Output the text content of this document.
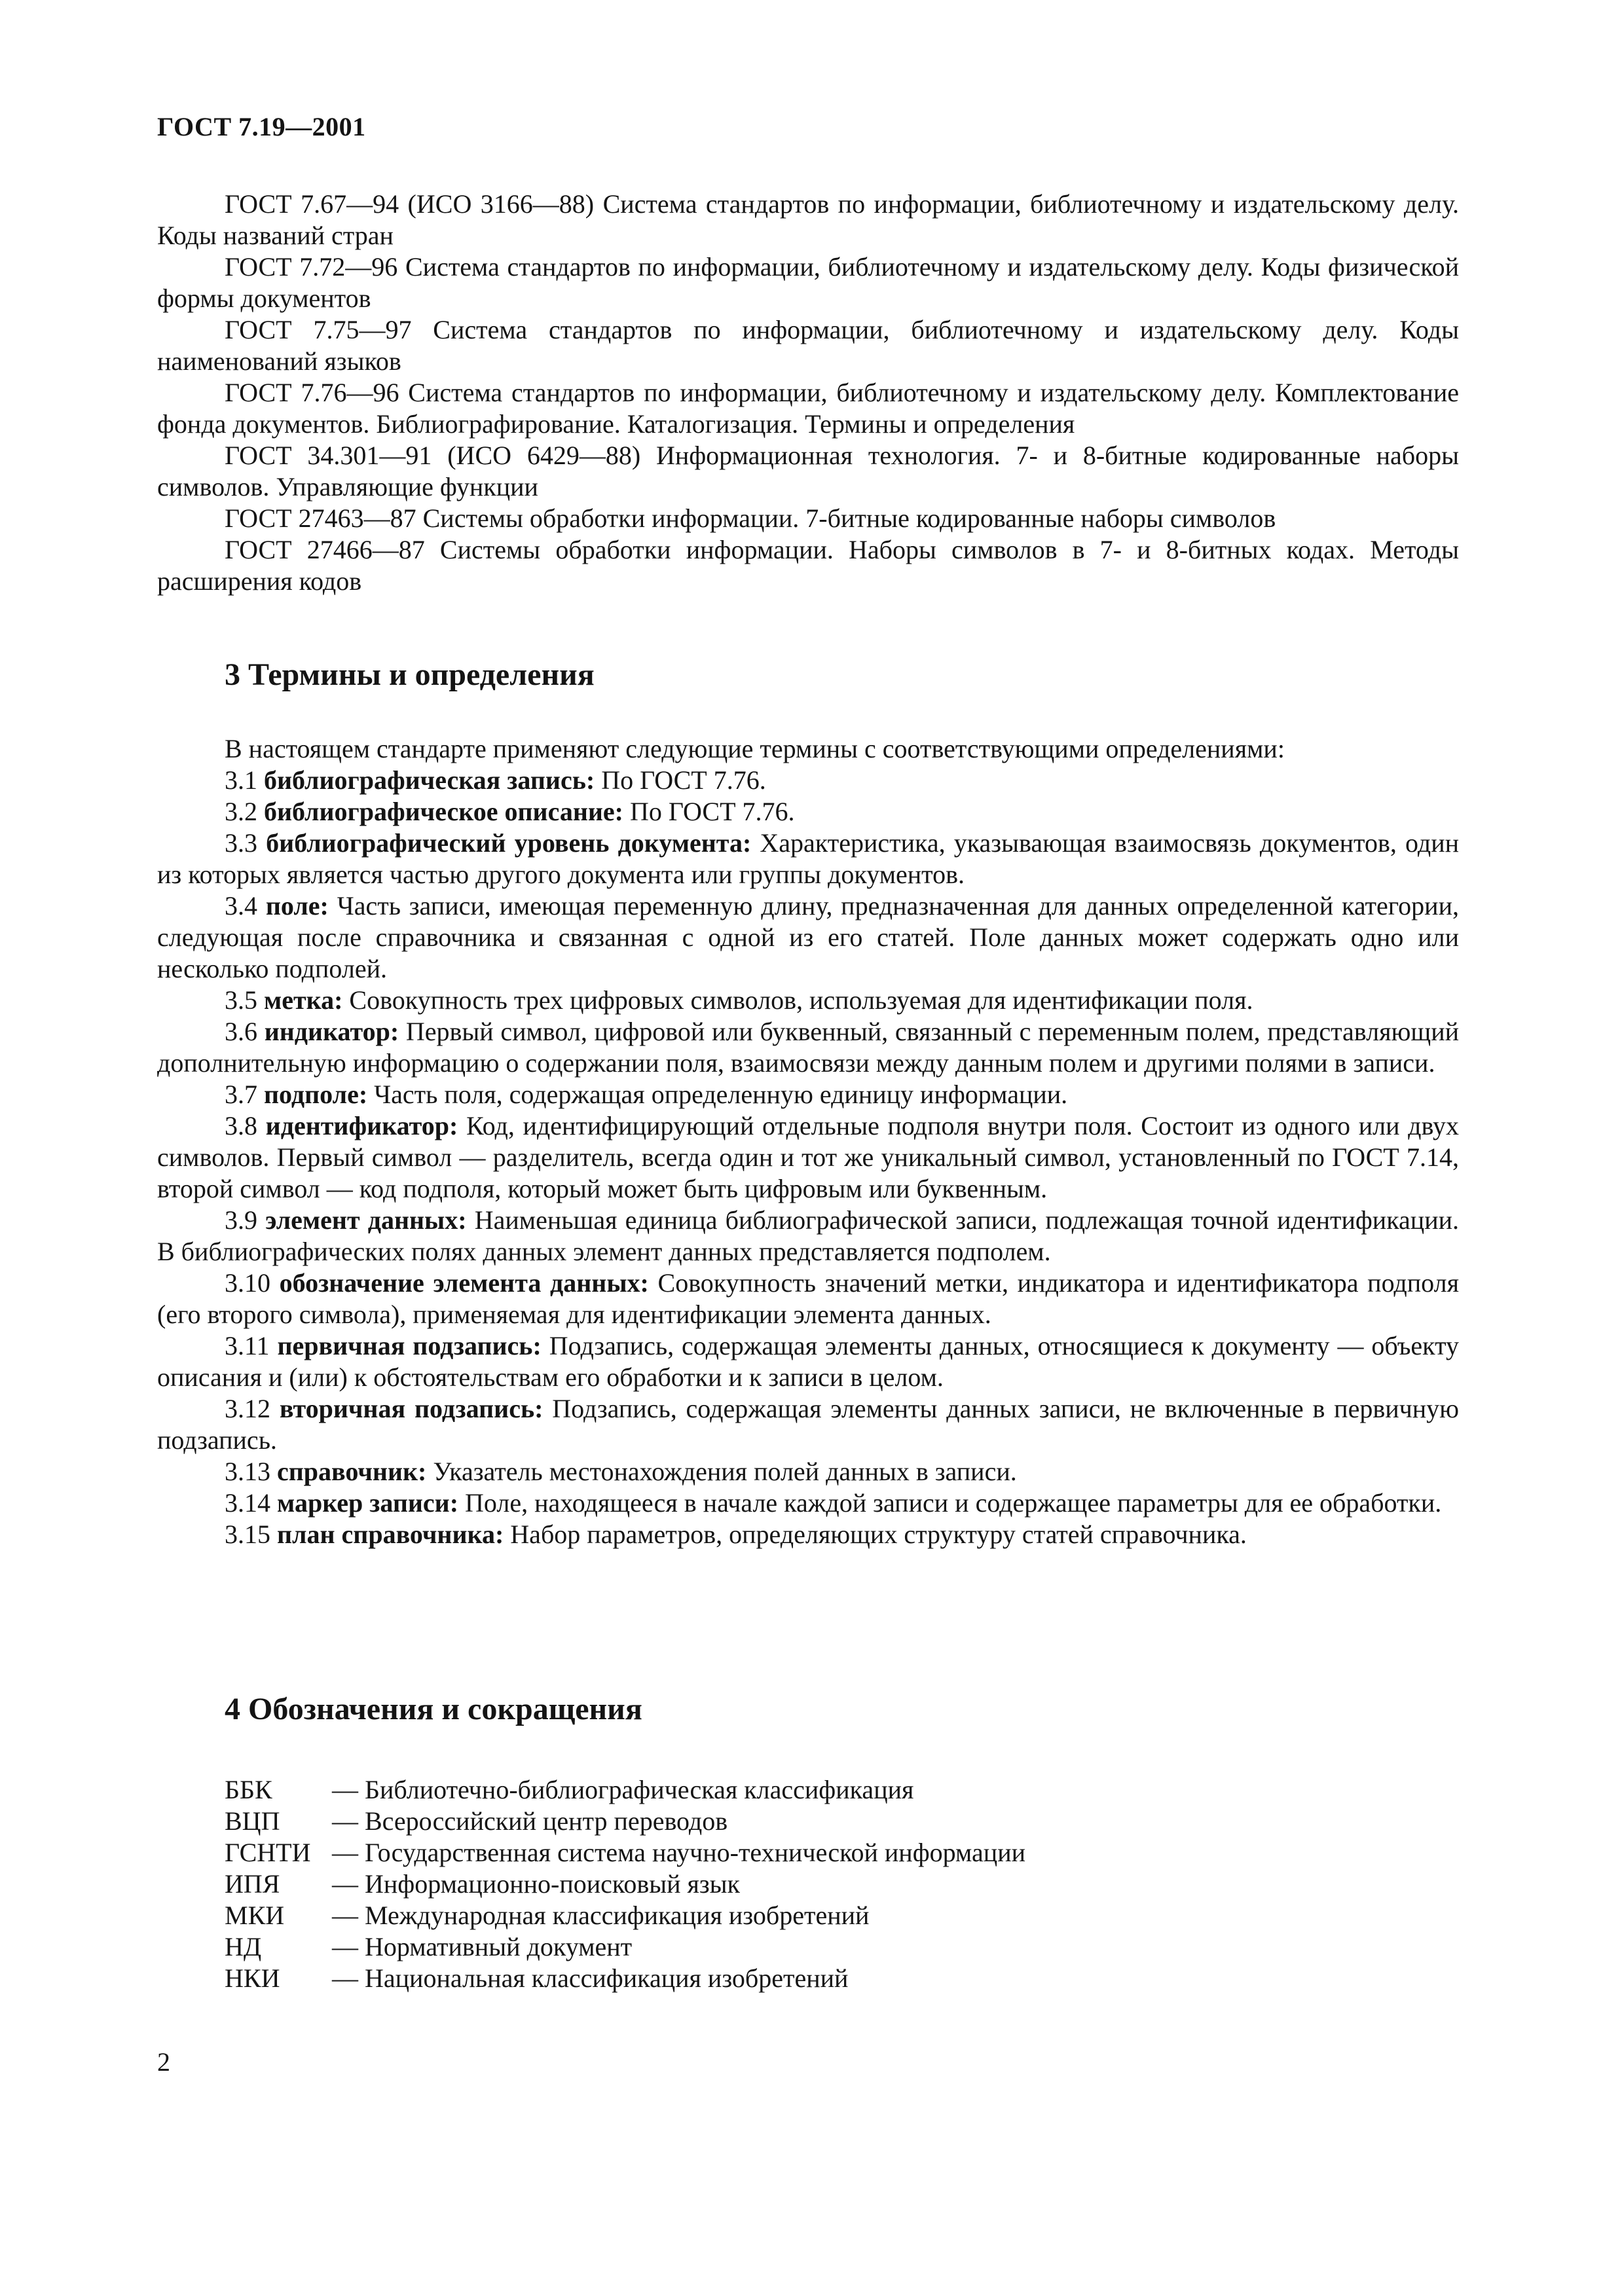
ГОСТ 7.19—2001

ГОСТ 7.67—94 (ИСО 3166—88) Система стандартов по информации, библиотечному и издательскому делу. Коды названий стран

ГОСТ 7.72—96 Система стандартов по информации, библиотечному и издательскому делу. Коды физической формы документов

ГОСТ 7.75—97 Система стандартов по информации, библиотечному и издательскому делу. Коды наименований языков

ГОСТ 7.76—96 Система стандартов по информации, библиотечному и издательскому делу. Комплектование фонда документов. Библиографирование. Каталогизация. Термины и определения

ГОСТ 34.301—91 (ИСО 6429—88) Информационная технология. 7- и 8-битные кодированные наборы символов. Управляющие функции

ГОСТ 27463—87 Системы обработки информации. 7-битные кодированные наборы символов

ГОСТ 27466—87 Системы обработки информации. Наборы символов в 7- и 8-битных кодах. Методы расширения кодов

3 Термины и определения

В настоящем стандарте применяют следующие термины с соответствующими определениями:

3.1 библиографическая запись: По ГОСТ 7.76.

3.2 библиографическое описание: По ГОСТ 7.76.

3.3 библиографический уровень документа: Характеристика, указывающая взаимосвязь документов, один из которых является частью другого документа или группы документов.

3.4 поле: Часть записи, имеющая переменную длину, предназначенная для данных определенной категории, следующая после справочника и связанная с одной из его статей. Поле данных может содержать одно или несколько подполей.

3.5 метка: Совокупность трех цифровых символов, используемая для идентификации поля.

3.6 индикатор: Первый символ, цифровой или буквенный, связанный с переменным полем, представляющий дополнительную информацию о содержании поля, взаимосвязи между данным полем и другими полями в записи.

3.7 подполе: Часть поля, содержащая определенную единицу информации.

3.8 идентификатор: Код, идентифицирующий отдельные подполя внутри поля. Состоит из одного или двух символов. Первый символ — разделитель, всегда один и тот же уникальный символ, установленный по ГОСТ 7.14, второй символ — код подполя, который может быть цифровым или буквенным.

3.9 элемент данных: Наименьшая единица библиографической записи, подлежащая точной идентификации. В библиографических полях данных элемент данных представляется подполем.

3.10 обозначение элемента данных: Совокупность значений метки, индикатора и идентификатора подполя (его второго символа), применяемая для идентификации элемента данных.

3.11 первичная подзапись: Подзапись, содержащая элементы данных, относящиеся к документу — объекту описания и (или) к обстоятельствам его обработки и к записи в целом.

3.12 вторичная подзапись: Подзапись, содержащая элементы данных записи, не включенные в первичную подзапись.

3.13 справочник: Указатель местонахождения полей данных в записи.

3.14 маркер записи: Поле, находящееся в начале каждой записи и содержащее параметры для ее обработки.

3.15 план справочника: Набор параметров, определяющих структуру статей справочника.

4 Обозначения и сокращения
ББК	— Библиотечно-библиографическая классификация
ВЦП	— Всероссийский центр переводов
ГСНТИ — Государственная система научно-технической информации
ИПЯ	— Информационно-поисковый язык
МКИ	— Международная классификация изобретений
НД	— Нормативный документ
НКИ	— Национальная классификация изобретений
2
